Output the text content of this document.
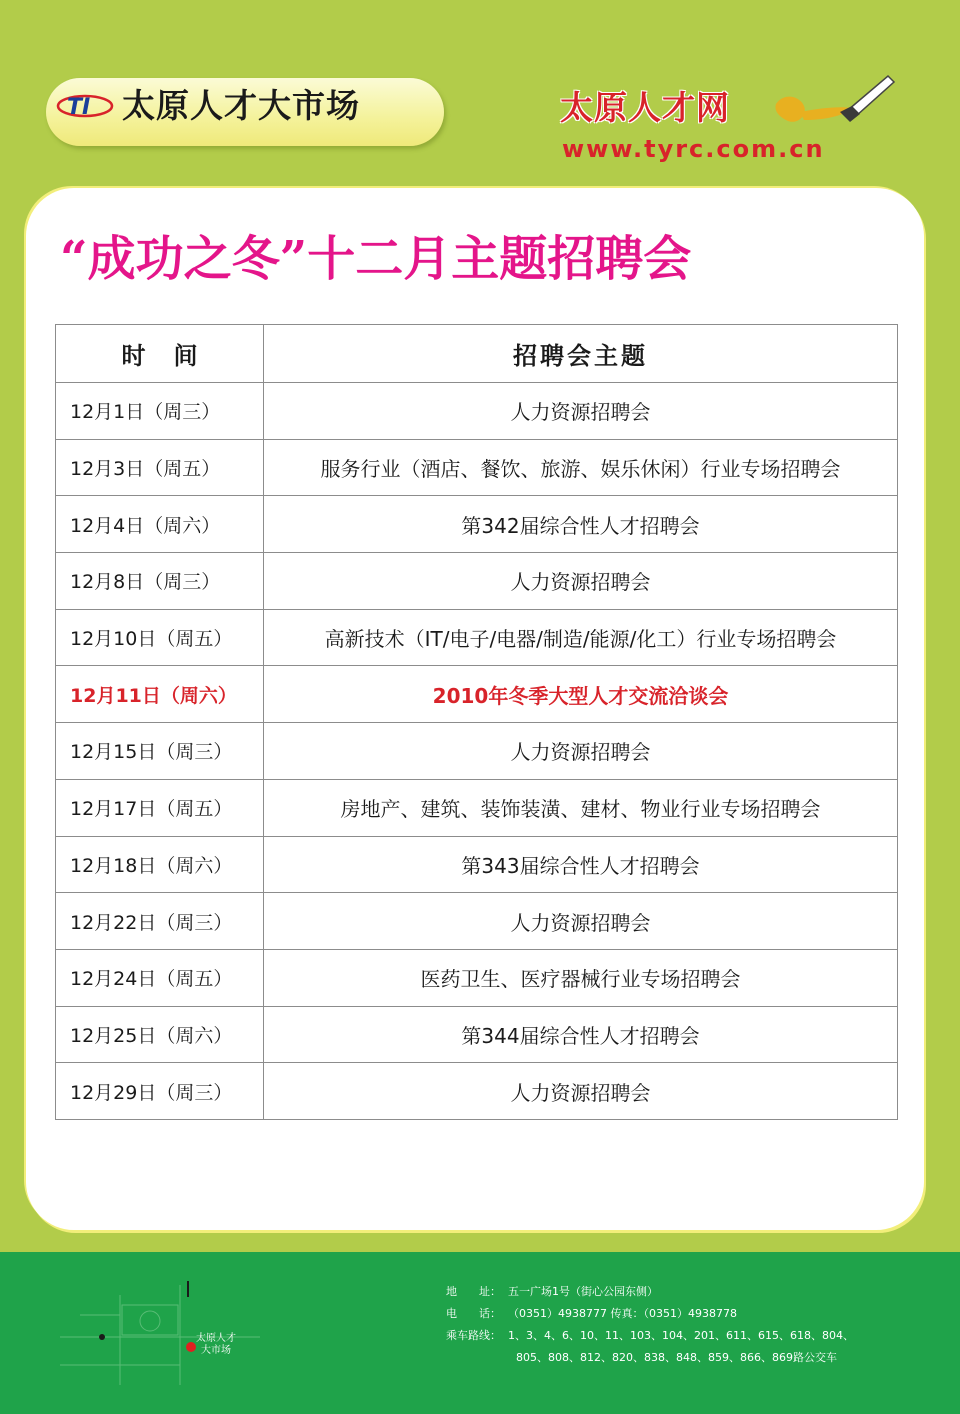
TI 太原人才大市场	太原人才网
www.tyrc.com.cn
“成功之冬”十二月主题招聘会
时间	招聘会主题
12月1日（周三）	人力资源招聘会
12月3日（周五）	服务行业（酒店、餐饮、旅游、娱乐休闲）行业专场招聘会
12月4日（周六）	第342届综合性人才招聘会
12月8日（周三）	人力资源招聘会
12月10日（周五）	高新技术（IT/电子/电器/制造/能源/化工）行业专场招聘会
12月11日（周六）	2010年冬季大型人才交流洽谈会
12月15日（周三）	人力资源招聘会
12月17日（周五）	房地产、建筑、装饰装潢、建材、物业行业专场招聘会
12月18日（周六）	第343届综合性人才招聘会
12月22日（周三）	人力资源招聘会
12月24日（周五）	医药卫生、医疗器械行业专场招聘会
12月25日（周六）	第344届综合性人才招聘会
12月29日（周三）	人力资源招聘会
太原人才大市场
地　　址： 五一广场1号（街心公园东侧）
电　　话： （0351）4938777 传真：（0351）4938778
乘车路线： 1、3、4、6、10、11、103、104、201、611、615、618、804、
805、808、812、820、838、848、859、866、869路公交车
